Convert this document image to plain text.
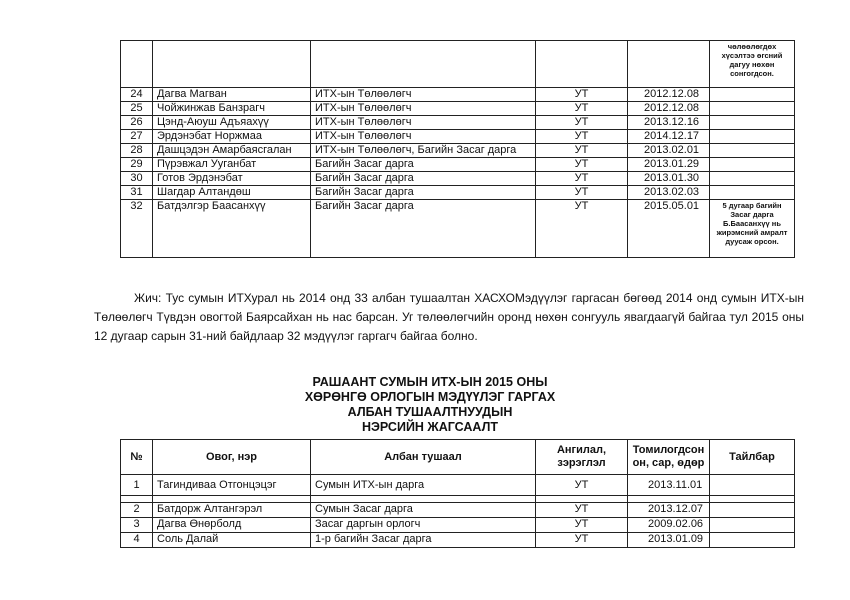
					чөлөөлөгдөх хүсэлтээ өгсний дагуу нөхөн сонгогдсон.
24	Дагва Магван	ИТХ-ын Төлөөлөгч	УТ	2012.12.08	
25	Чойжинжав Банзрагч	ИТХ-ын Төлөөлөгч	УТ	2012.12.08	
26	Цэнд-Аюуш Адъяахүү	ИТХ-ын Төлөөлөгч	УТ	2013.12.16	
27	Эрдэнэбат Норжмаа	ИТХ-ын Төлөөлөгч	УТ	2014.12.17	
28	Дашцэдэн Амарбаясгалан	ИТХ-ын Төлөөлөгч, Багийн Засаг дарга	УТ	2013.02.01	
29	Пүрэвжал Ууганбат	Багийн Засаг дарга	УТ	2013.01.29	
30	Готов Эрдэнэбат	Багийн Засаг дарга	УТ	2013.01.30	
31	Шагдар Алтандөш	Багийн Засаг дарга	УТ	2013.02.03	
32	Батдэлгэр Баасанхүү	Багийн Засаг дарга	УТ	2015.05.01	5 дугаар багийн Засаг дарга Б.Баасанхүү нь жирэмсний амралт дуусаж орсон.

Жич: Тус сумын ИТХурал нь 2014 онд 33 албан тушаалтан ХАСХОМэдүүлэг гаргасан бөгөөд 2014 онд сумын ИТХ-ын Төлөөлөгч Түвдэн овогтой Баярсайхан нь нас барсан. Уг төлөөлөгчийн оронд нөхөн сонгууль явагдаагүй байгаа тул 2015 оны 12 дугаар сарын 31-ний байдлаар 32 мэдүүлэг гаргагч байгаа болно.

РАШААНТ СУМЫН ИТХ-ЫН 2015 ОНЫ
ХӨРӨНГӨ ОРЛОГЫН МЭДҮҮЛЭГ ГАРГАХ
АЛБАН ТУШААЛТНУУДЫН
НЭРСИЙН ЖАГСААЛТ
№	Овог, нэр	Албан тушаал	Ангилал, зэрэглэл	Томилогдсон он, сар, өдөр	Тайлбар
1	Тагиндиваа Отгонцэцэг	Сумын ИТХ-ын дарга	УТ	2013.11.01	

2	Батдорж Алтангэрэл	Сумын Засаг дарга	УТ	2013.12.07	
3	Дагва Өнөрболд	Засаг даргын орлогч	УТ	2009.02.06	
4	Соль Далай	1-р багийн Засаг дарга	УТ	2013.01.09	
